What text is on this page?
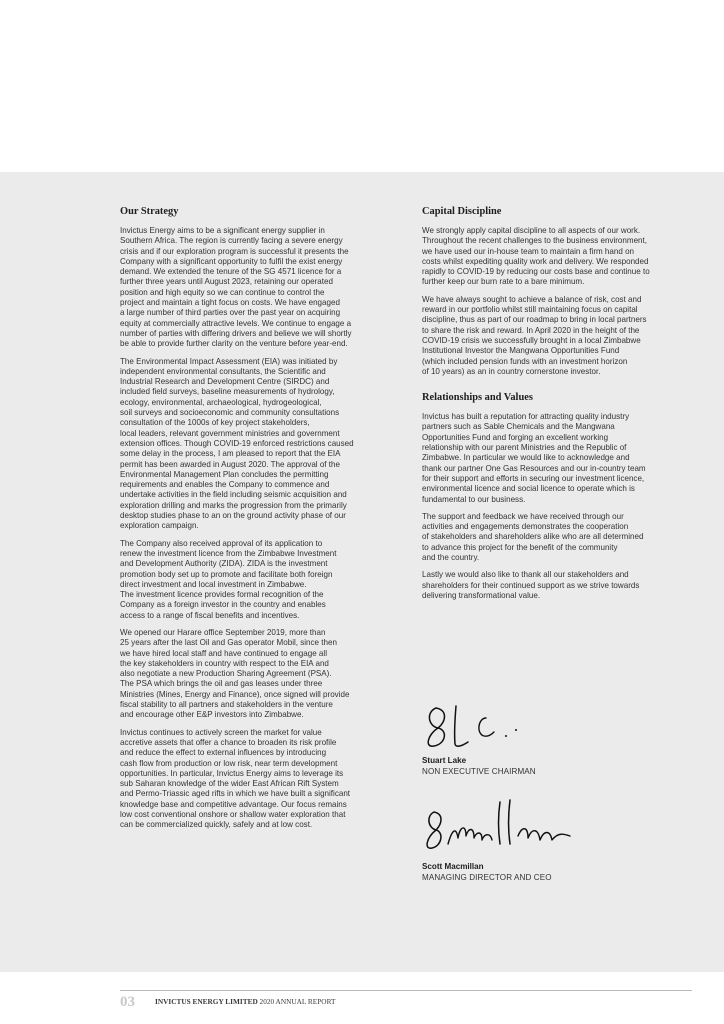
Our Strategy

Invictus Energy aims to be a significant energy supplier in
Southern Africa. The region is currently facing a severe energy
crisis and if our exploration program is successful it presents the
Company with a significant opportunity to fulfil the exist energy
demand. We extended the tenure of the SG 4571 licence for a
further three years until August 2023, retaining our operated
position and high equity so we can continue to control the
project and maintain a tight focus on costs. We have engaged
a large number of third parties over the past year on acquiring
equity at commercially attractive levels. We continue to engage a
number of parties with differing drivers and believe we will shortly
be able to provide further clarity on the venture before year-end.

The Environmental Impact Assessment (EIA) was initiated by
independent environmental consultants, the Scientific and
Industrial Research and Development Centre (SIRDC) and
included field surveys, baseline measurements of hydrology,
ecology, environmental, archaeological, hydrogeological,
soil surveys and socioeconomic and community consultations
consultation of the 1000s of key project stakeholders,
local leaders, relevant government ministries and government
extension offices. Though COVID-19 enforced restrictions caused
some delay in the process, I am pleased to report that the EIA
permit has been awarded in August 2020. The approval of the
Environmental Management Plan concludes the permitting
requirements and enables the Company to commence and
undertake activities in the field including seismic acquisition and
exploration drilling and marks the progression from the primarily
desktop studies phase to an on the ground activity phase of our
exploration campaign.

The Company also received approval of its application to
renew the investment licence from the Zimbabwe Investment
and Development Authority (ZIDA). ZIDA is the investment
promotion body set up to promote and facilitate both foreign
direct investment and local investment in Zimbabwe.
The investment licence provides formal recognition of the
Company as a foreign investor in the country and enables
access to a range of fiscal benefits and incentives.

We opened our Harare office September 2019, more than
25 years after the last Oil and Gas operator Mobil, since then
we have hired local staff and have continued to engage all
the key stakeholders in country with respect to the EIA and
also negotiate a new Production Sharing Agreement (PSA).
The PSA which brings the oil and gas leases under three
Ministries (Mines, Energy and Finance), once signed will provide
fiscal stability to all partners and stakeholders in the venture
and encourage other E&P investors into Zimbabwe.

Invictus continues to actively screen the market for value
accretive assets that offer a chance to broaden its risk profile
and reduce the effect to external influences by introducing
cash flow from production or low risk, near term development
opportunities. In particular, Invictus Energy aims to leverage its
sub Saharan knowledge of the wider East African Rift System
and Permo-Triassic aged rifts in which we have built a significant
knowledge base and competitive advantage. Our focus remains
low cost conventional onshore or shallow water exploration that
can be commercialized quickly, safely and at low cost.

Capital Discipline

We strongly apply capital discipline to all aspects of our work.
Throughout the recent challenges to the business environment,
we have used our in-house team to maintain a firm hand on
costs whilst expediting quality work and delivery. We responded
rapidly to COVID-19 by reducing our costs base and continue to
further keep our burn rate to a bare minimum.

We have always sought to achieve a balance of risk, cost and
reward in our portfolio whilst still maintaining focus on capital
discipline, thus as part of our roadmap to bring in local partners
to share the risk and reward. In April 2020 in the height of the
COVID-19 crisis we successfully brought in a local Zimbabwe
Institutional Investor the Mangwana Opportunities Fund
(which included pension funds with an investment horizon
of 10 years) as an in country cornerstone investor.

Relationships and Values

Invictus has built a reputation for attracting quality industry
partners such as Sable Chemicals and the Mangwana
Opportunities Fund and forging an excellent working
relationship with our parent Ministries and the Republic of
Zimbabwe. In particular we would like to acknowledge and
thank our partner One Gas Resources and our in-country team
for their support and efforts in securing our investment licence,
environmental licence and social licence to operate which is
fundamental to our business.

The support and feedback we have received through our
activities and engagements demonstrates the cooperation
of stakeholders and shareholders alike who are all determined
to advance this project for the benefit of the community
and the country.

Lastly we would also like to thank all our stakeholders and
shareholders for their continued support as we strive towards
delivering transformational value.

Stuart Lake
NON EXECUTIVE CHAIRMAN
Scott Macmillan
MANAGING DIRECTOR AND CEO
03	INVICTUS ENERGY LIMITED 2020 ANNUAL REPORT
